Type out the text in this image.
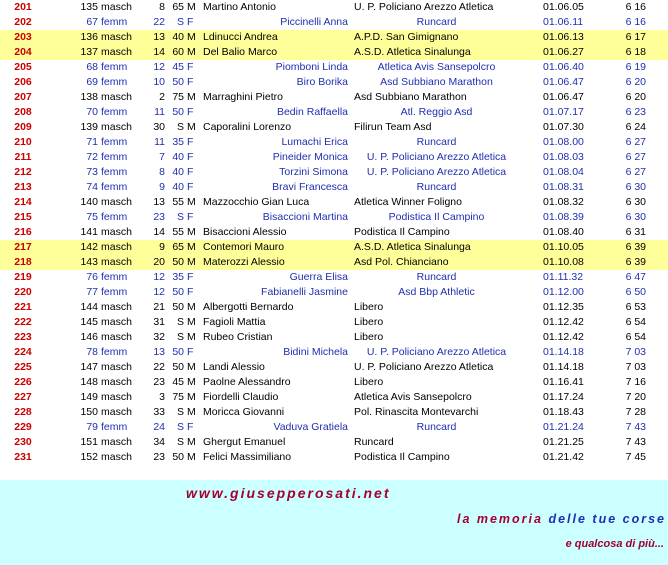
201	135 masch	8 65 M Martino Antonio	U. P. Policiano Arezzo Atletica	01.06.05	6 16
202	67 femm	22	S F	Piccinelli Anna	Runcard	01.06.11	6 16
203	136 masch	13 40 M Ldinucci Andrea	A.P.D. San Gimignano	01.06.13	6 17
204	137 masch	14 60 M Del Balio Marco	A.S.D. Atletica Sinalunga	01.06.27	6 18
205	68 femm	12 45 F	Piomboni Linda	Atletica Avis Sansepolcro	01.06.40	6 19
206	69 femm	10 50 F	Biro Borika	Asd Subbiano Marathon	01.06.47	6 20
207	138 masch	2 75 M Marraghini Pietro	Asd Subbiano Marathon	01.06.47	6 20
208	70 femm	11 50 F	Bedin Raffaella	Atl. Reggio Asd	01.07.17	6 23
209	139 masch	30	S M Caporalini Lorenzo	Filirun Team Asd	01.07.30	6 24
210	71 femm	11 35 F	Lumachi Erica	Runcard	01.08.00	6 27
211	72 femm	7 40 F	Pineider Monica	U. P. Policiano Arezzo Atletica	01.08.03	6 27
212	73 femm	8 40 F	Torzini Simona	U. P. Policiano Arezzo Atletica	01.08.04	6 27
213	74 femm	9 40 F	Bravi Francesca	Runcard	01.08.31	6 30
214	140 masch	13 55 M Mazzocchio Gian Luca	Atletica Winner Foligno	01.08.32	6 30
215	75 femm	23	S F	Bisaccioni Martina	Podistica Il Campino	01.08.39	6 30
216	141 masch	14 55 M Bisaccioni Alessio	Podistica Il Campino	01.08.40	6 31
217	142 masch	9 65 M Contemori Mauro	A.S.D. Atletica Sinalunga	01.10.05	6 39
218	143 masch	20 50 M Materozzi Alessio	Asd Pol. Chianciano	01.10.08	6 39
219	76 femm	12 35 F	Guerra Elisa	Runcard	01.11.32	6 47
220	77 femm	12 50 F	Fabianelli Jasmine	Asd Bbp Athletic	01.12.00	6 50
221	144 masch	21 50 M Albergotti Bernardo	Libero	01.12.35	6 53
222	145 masch	31	S M Fagioli Mattia	Libero	01.12.42	6 54
223	146 masch	32	S M Rubeo Cristian	Libero	01.12.42	6 54
224	78 femm	13 50 F	Bidini Michela	U. P. Policiano Arezzo Atletica	01.14.18	7 03
225	147 masch	22 50 M Landi Alessio	U. P. Policiano Arezzo Atletica	01.14.18	7 03
226	148 masch	23 45 M Paolne Alessandro	Libero	01.16.41	7 16
227	149 masch	3 75 M Fiordelli Claudio	Atletica Avis Sansepolcro	01.17.24	7 20
228	150 masch	33	S M Moricca Giovanni	Pol. Rinascita Montevarchi	01.18.43	7 28
229	79 femm	24	S F	Vaduva Gratiela	Runcard	01.21.24	7 43
230	151 masch	34	S M Ghergut Emanuel	Runcard	01.21.25	7 43
231	152 masch	23 50 M Felici Massimiliano	Podistica Il Campino	01.21.42	7 45
www.giusepperosati.net
la memoria delle tue corse
e qualcosa di più...
